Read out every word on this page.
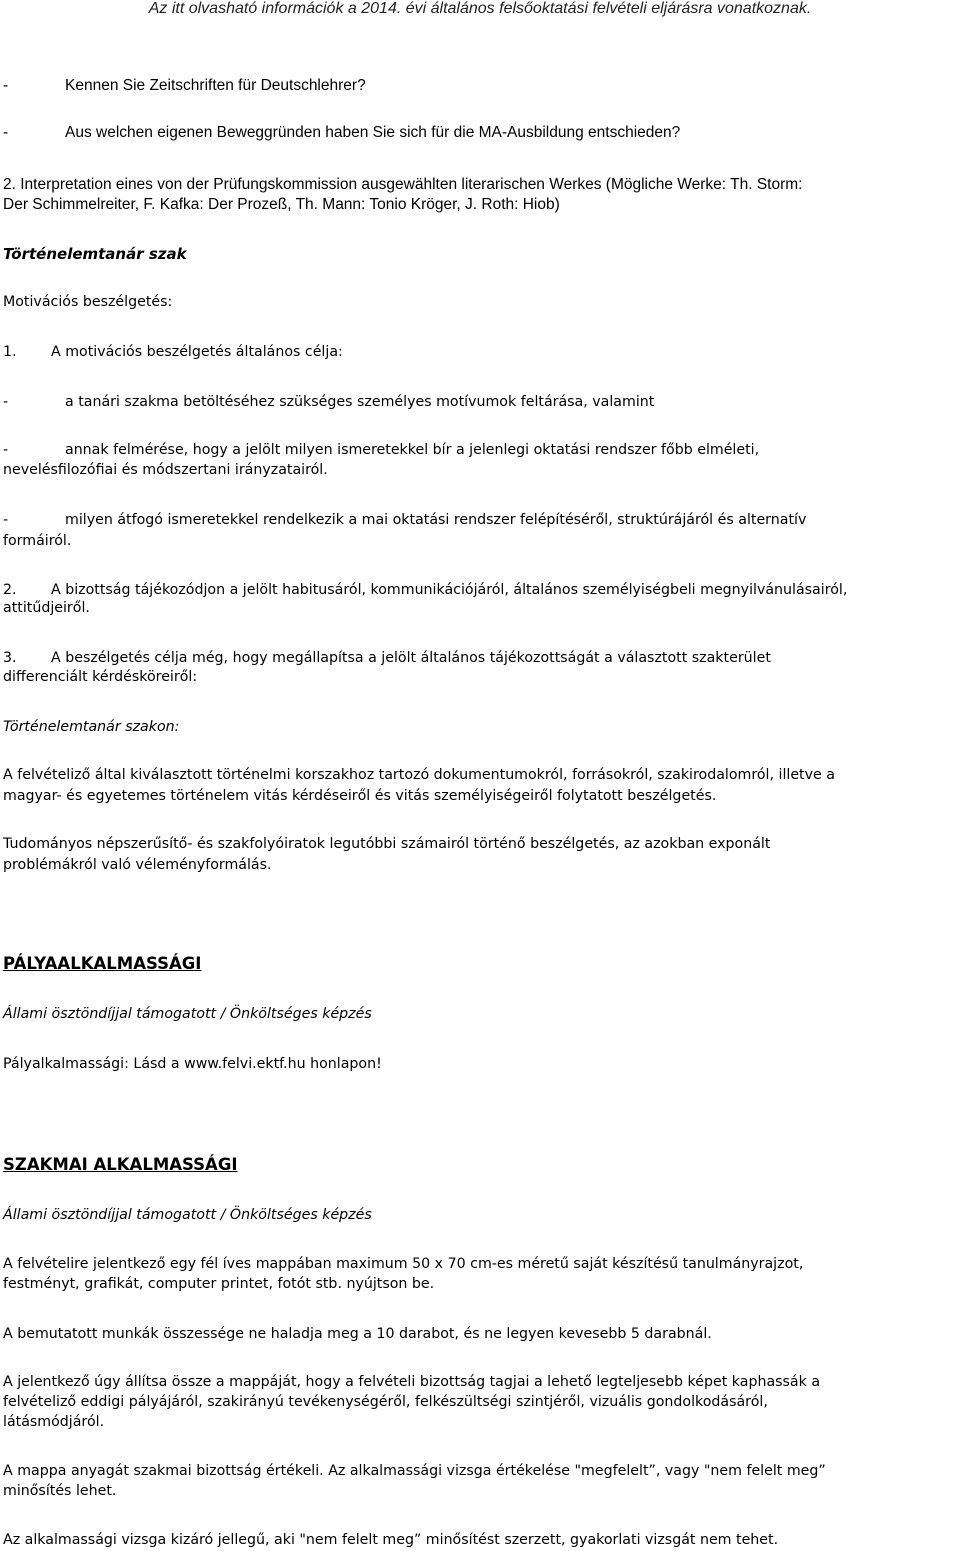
Az itt olvasható információk a 2014. évi általános felsőoktatási felvételi eljárásra vonatkoznak.
-	Kennen Sie Zeitschriften für Deutschlehrer?
-	Aus welchen eigenen Beweggründen haben Sie sich für die MA-Ausbildung entschieden?
2. Interpretation eines von der Prüfungskommission ausgewählten literarischen Werkes (Mögliche Werke: Th. Storm:
Der Schimmelreiter, F. Kafka: Der Prozeß, Th. Mann: Tonio Kröger, J. Roth: Hiob)
Történelemtanár szak
Motivációs beszélgetés:
1. A motivációs beszélgetés általános célja:
-	a tanári szakma betöltéséhez szükséges személyes motívumok feltárása, valamint
-	annak felmérése, hogy a jelölt milyen ismeretekkel bír a jelenlegi oktatási rendszer főbb elméleti,
nevelésfilozófiai és módszertani irányzatairól.
-	milyen átfogó ismeretekkel rendelkezik a mai oktatási rendszer felépítéséről, struktúrájáról és alternatív
formáiról.
2. A bizottság tájékozódjon a jelölt habitusáról, kommunikációjáról, általános személyiségbeli megnyilvánulásairól,
attitűdjeiről.
3. A beszélgetés célja még, hogy megállapítsa a jelölt általános tájékozottságát a választott szakterület
differenciált kérdésköreiről:
Történelemtanár szakon:
A felvételiző által kiválasztott történelmi korszakhoz tartozó dokumentumokról, forrásokról, szakirodalomról, illetve a
magyar- és egyetemes történelem vitás kérdéseiről és vitás személyiségeiről folytatott beszélgetés.
Tudományos népszerűsítő- és szakfolyóiratok legutóbbi számairól történő beszélgetés, az azokban exponált
problémákról való véleményformálás.
PÁLYAALKALMASSÁGI
Állami ösztöndíjjal támogatott / Önköltséges képzés
Pályalkalmassági: Lásd a www.felvi.ektf.hu honlapon!
SZAKMAI ALKALMASSÁGI
Állami ösztöndíjjal támogatott / Önköltséges képzés
A felvételire jelentkező egy fél íves mappában maximum 50 x 70 cm-es méretű saját készítésű tanulmányrajzot,
festményt, grafikát, computer printet, fotót stb. nyújtson be.
A bemutatott munkák összessége ne haladja meg a 10 darabot, és ne legyen kevesebb 5 darabnál.
A jelentkező úgy állítsa össze a mappáját, hogy a felvételi bizottság tagjai a lehető legteljesebb képet kaphassák a
felvételiző eddigi pályájáról, szakirányú tevékenységéről, felkészültségi szintjéről, vizuális gondolkodásáról,
látásmódjáról.
A mappa anyagát szakmai bizottság értékeli. Az alkalmassági vizsga értékelése "megfelelt”, vagy "nem felelt meg”
minősítés lehet.
Az alkalmassági vizsga kizáró jellegű, aki "nem felelt meg” minősítést szerzett, gyakorlati vizsgát nem tehet.
